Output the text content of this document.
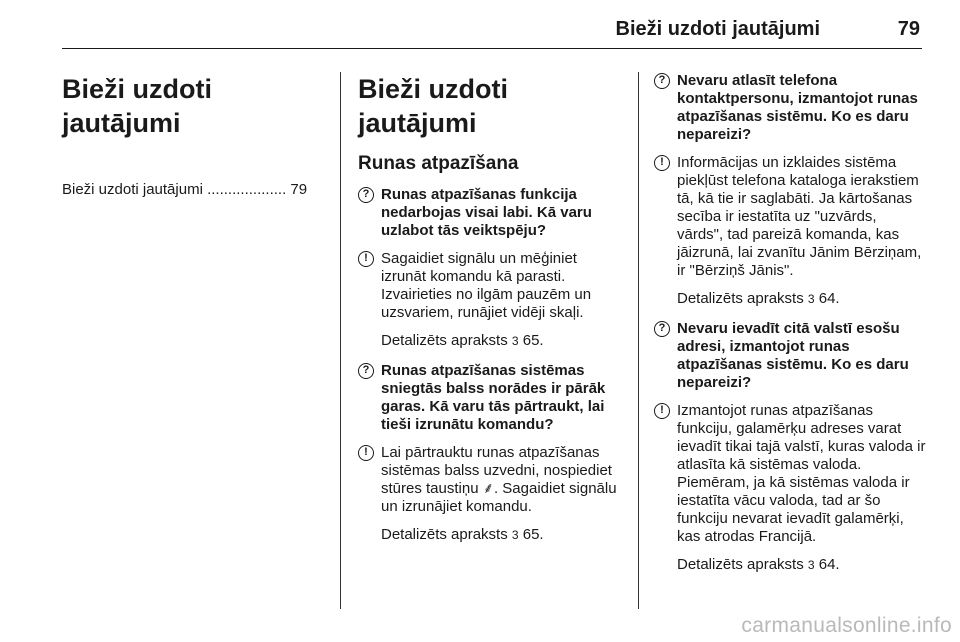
Bieži uzdoti jautājumi	79
Bieži uzdoti jautājumi
Bieži uzdoti jautājumi ................... 79
Bieži uzdoti jautājumi
Runas atpazīšana
? Runas atpazīšanas funkcija nedarbojas visai labi. Kā varu uzlabot tās veiktspēju?
! Sagaidiet signālu un mēģiniet izrunāt komandu kā parasti. Izvairieties no ilgām pauzēm un uzsvariem, runājiet vidēji skaļi.
Detalizēts apraksts 3 65.
? Runas atpazīšanas sistēmas sniegtās balss norādes ir pārāk garas. Kā varu tās pārtraukt, lai tieši izrunātu komandu?
! Lai pārtrauktu runas atpazīšanas sistēmas balss uzvedni, nospiediet stūres taustiņu ⸙. Sagaidiet signālu un izrunājiet komandu.
Detalizēts apraksts 3 65.
? Nevaru atlasīt telefona kontaktpersonu, izmantojot runas atpazīšanas sistēmu. Ko es daru nepareizi?
! Informācijas un izklaides sistēma piekļūst telefona kataloga ierakstiem tā, kā tie ir saglabāti. Ja kārtošanas secība ir iestatīta uz "uzvārds, vārds", tad pareizā komanda, kas jāizrunā, lai zvanītu Jānim Bērziņam, ir "Bērziņš Jānis".
Detalizēts apraksts 3 64.
? Nevaru ievadīt citā valstī esošu adresi, izmantojot runas atpazīšanas sistēmu. Ko es daru nepareizi?
! Izmantojot runas atpazīšanas funkciju, galamērķu adreses varat ievadīt tikai tajā valstī, kuras valoda ir atlasīta kā sistēmas valoda. Piemēram, ja kā sistēmas valoda ir iestatīta vācu valoda, tad ar šo funkciju nevarat ievadīt galamērķi, kas atrodas Francijā.
Detalizēts apraksts 3 64.
carmanualsonline.info
